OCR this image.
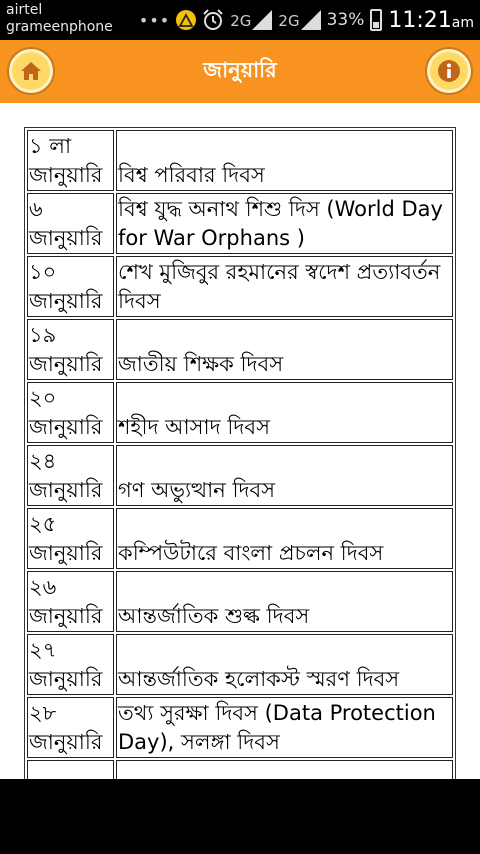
airtel
grameenphone •••	2G 2G 33% 11:21am
জানুয়ারি
১ লা
জানুয়ারি	বিশ্ব পরিবার দিবস

৬
জানুয়ারি	বিশ্ব যুদ্ধ অনাথ শিশু দিস (World Day for War Orphans )

১০
জানুয়ারি	শেখ মুজিবুর রহমানের স্বদেশ প্রত্যাবর্তন দিবস

১৯
জানুয়ারি	জাতীয় শিক্ষক দিবস

২০
জানুয়ারি	শহীদ আসাদ দিবস

২৪
জানুয়ারি	গণ অভ্যুত্থান দিবস

২৫
জানুয়ারি	কম্পিউটারে বাংলা প্রচলন দিবস

২৬
জানুয়ারি	আন্তর্জাতিক শুল্ক দিবস

২৭
জানুয়ারি	আন্তর্জাতিক হলোকস্ট স্মরণ দিবস

২৮
জানুয়ারি	তথ্য সুরক্ষা দিবস (Data Protection Day), সলঙ্গা দিবস
